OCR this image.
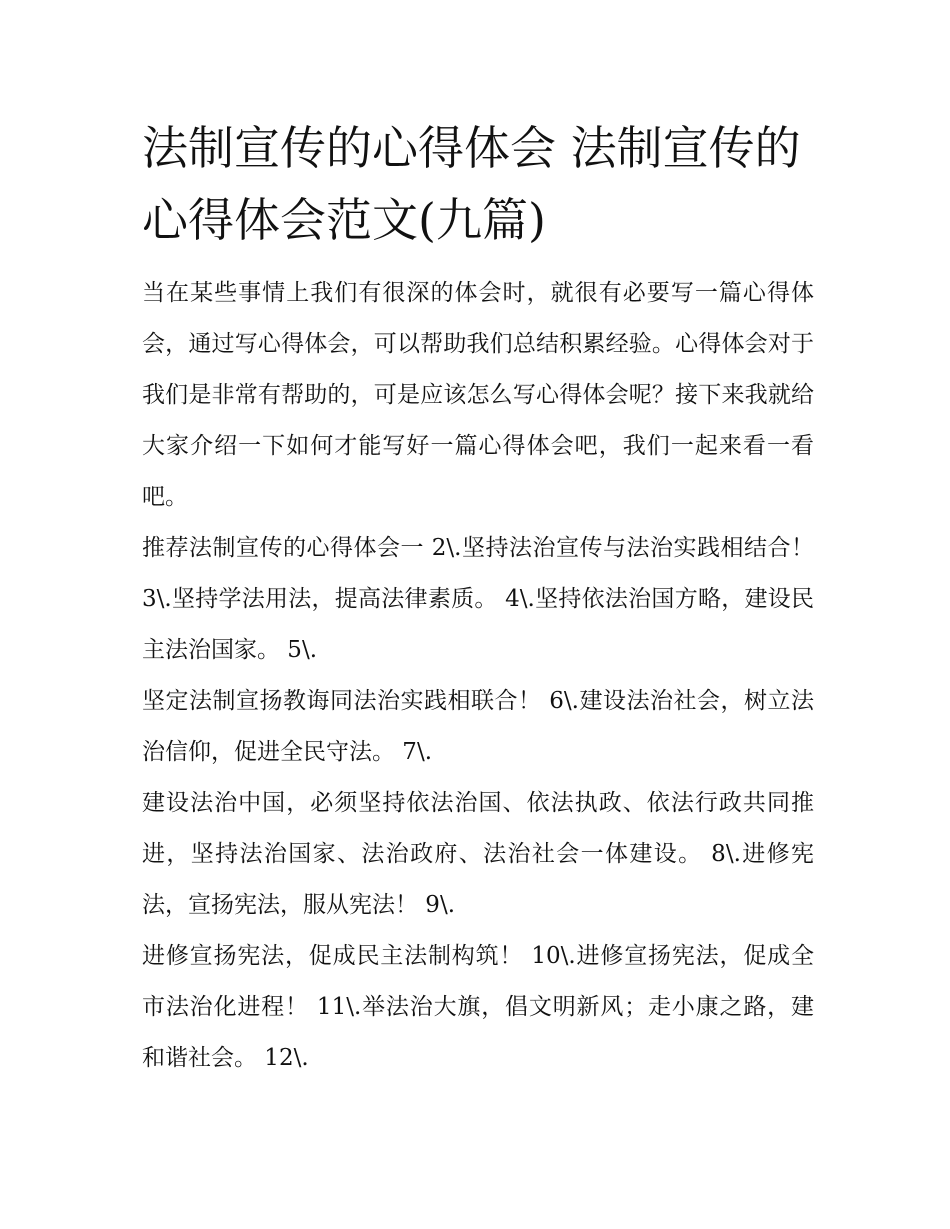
法制宣传的心得体会 法制宣传的心得体会范文(九篇)

当在某些事情上我们有很深的体会时，就很有必要写一篇心得体会，通过写心得体会，可以帮助我们总结积累经验。心得体会对于我们是非常有帮助的，可是应该怎么写心得体会呢？接下来我就给大家介绍一下如何才能写好一篇心得体会吧，我们一起来看一看吧。

推荐法制宣传的心得体会一 2\.坚持法治宣传与法治实践相结合！ 3\.坚持学法用法，提高法律素质。 4\.坚持依法治国方略，建设民主法治国家。 5\.

坚定法制宣扬教诲同法治实践相联合！ 6\.建设法治社会，树立法治信仰，促进全民守法。 7\.

建设法治中国，必须坚持依法治国、依法执政、依法行政共同推进，坚持法治国家、法治政府、法治社会一体建设。 8\.进修宪法，宣扬宪法，服从宪法！ 9\.

进修宣扬宪法，促成民主法制构筑！ 10\.进修宣扬宪法，促成全市法治化进程！ 11\.举法治大旗，倡文明新风；走小康之路，建和谐社会。 12\.
